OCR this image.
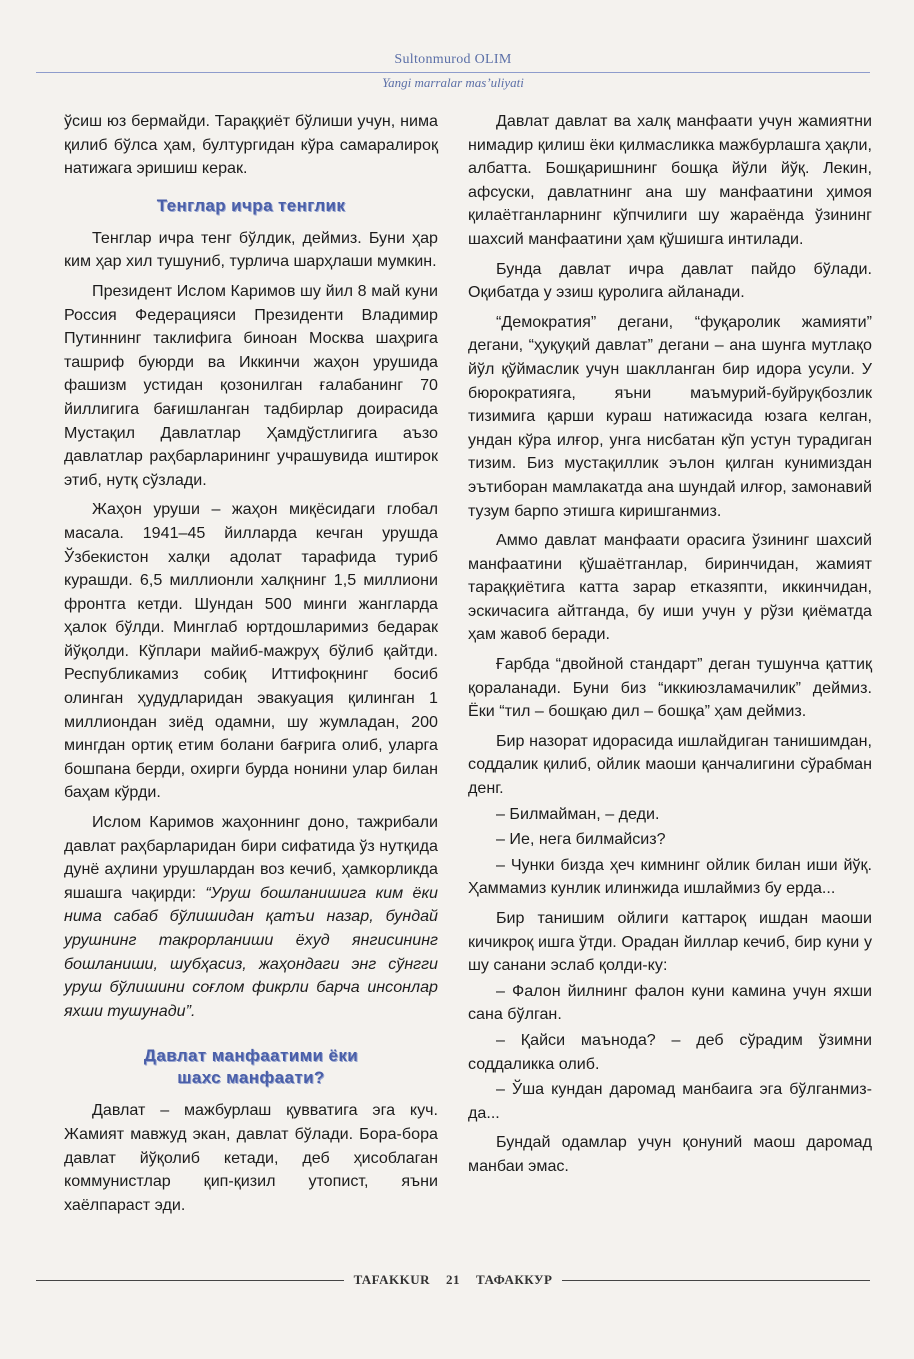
Sultonmurod OLIM
Yangi marralar mas’uliyati

ўсиш юз бермайди. Тараққиёт бўлиши учун, нима қилиб бўлса ҳам, бултургидан кўра самаралироқ натижага эришиш керак.

Тенглар ичра тенглик

Тенглар ичра тенг бўлдик, деймиз. Буни ҳар ким ҳар хил тушуниб, турлича шарҳлаши мумкин.

Президент Ислом Каримов шу йил 8 май куни Россия Федерацияси Президенти Владимир Путиннинг таклифига биноан Москва шаҳрига ташриф буюрди ва Иккинчи жаҳон урушида фашизм устидан қозонилган ғалабанинг 70 йиллигига бағишланган тадбирлар доирасида Мустақил Давлатлар Ҳамдўстлигига аъзо давлатлар раҳбарларининг учрашувида иштирок этиб, нутқ сўзлади.

Жаҳон уруши – жаҳон миқёсидаги глобал масала. 1941–45 йилларда кечган урушда Ўзбекистон халқи адолат тарафида туриб курашди. 6,5 миллионли халқнинг 1,5 миллиони фронтга кетди. Шундан 500 минги жангларда ҳалок бўлди. Минглаб юртдошларимиз бедарак йўқолди. Кўплари майиб-мажруҳ бўлиб қайтди. Республикамиз собиқ Иттифоқнинг босиб олинган ҳудудларидан эвакуация қилинган 1 миллиондан зиёд одамни, шу жумладан, 200 мингдан ортиқ етим болани бағрига олиб, уларга бошпана берди, охирги бурда нонини улар билан баҳам кўрди.

Ислом Каримов жаҳоннинг доно, тажрибали давлат раҳбарларидан бири сифатида ўз нутқида дунё аҳлини урушлардан воз кечиб, ҳамкорликда яшашга чақирди: “Уруш бошланишига ким ёки нима сабаб бўлишидан қатъи назар, бундай урушнинг такрорланиши ёхуд янгисининг бошланиши, шубҳасиз, жаҳондаги энг сўнгги уруш бўлишини соғлом фикрли барча инсонлар яхши тушунади”.

Давлат манфаатими ёки
шахс манфаати?

Давлат – мажбурлаш қувватига эга куч. Жамият мавжуд экан, давлат бўлади. Бора-бора давлат йўқолиб кетади, деб ҳисоблаган коммунистлар қип-қизил утопист, яъни хаёлпараст эди.

Давлат давлат ва халқ манфаати учун жамиятни нимадир қилиш ёки қилмасликка мажбурлашга ҳақли, албатта. Бошқаришнинг бошқа йўли йўқ. Лекин, афсуски, давлатнинг ана шу манфаатини ҳимоя қилаётганларнинг кўпчилиги шу жараёнда ўзининг шахсий манфаатини ҳам қўшишга интилади.

Бунда давлат ичра давлат пайдо бўлади. Оқибатда у эзиш қуролига айланади.

“Демократия” дегани, “фуқаролик жамияти” дегани, “ҳуқуқий давлат” дегани – ана шунга мутлақо йўл қўймаслик учун шаклланган бир идора усули. У бюрократияга, яъни маъмурий-буйруқбозлик тизимига қарши кураш натижасида юзага келган, ундан кўра илғор, унга нисбатан кўп устун турадиган тизим. Биз мустақиллик эълон қилган кунимиздан эътиборан мамлакатда ана шундай илғор, замонавий тузум барпо этишга киришганмиз.

Аммо давлат манфаати орасига ўзининг шахсий манфаатини қўшаётганлар, биринчидан, жамият тараққиётига катта зарар етказяпти, иккинчидан, эскичасига айтганда, бу иши учун у рўзи қиёматда ҳам жавоб беради.

Ғарбда “двойной стандарт” деган тушунча қаттиқ қораланади. Буни биз “иккиюзламачилик” деймиз. Ёки “тил – бошқаю дил – бошқа” ҳам деймиз.

Бир назорат идорасида ишлайдиган танишимдан, соддалик қилиб, ойлик маоши қанчалигини сўрабман денг.

– Билмайман, – деди.

– Ие, нега билмайсиз?

– Чунки бизда ҳеч кимнинг ойлик билан иши йўқ. Ҳаммамиз кунлик илинжида ишлаймиз бу ерда...

Бир танишим ойлиги каттароқ ишдан маоши кичикроқ ишга ўтди. Орадан йиллар кечиб, бир куни у шу санани эслаб қолди-ку:

– Фалон йилнинг фалон куни камина учун яхши сана бўлган.

– Қайси маънода? – деб сўрадим ўзимни соддаликка олиб.

– Ўша кундан даромад манбаига эга бўлганмиз-да...

Бундай одамлар учун қонуний маош даромад манбаи эмас.

TAFAKKUR	21	ТАФАККУР
